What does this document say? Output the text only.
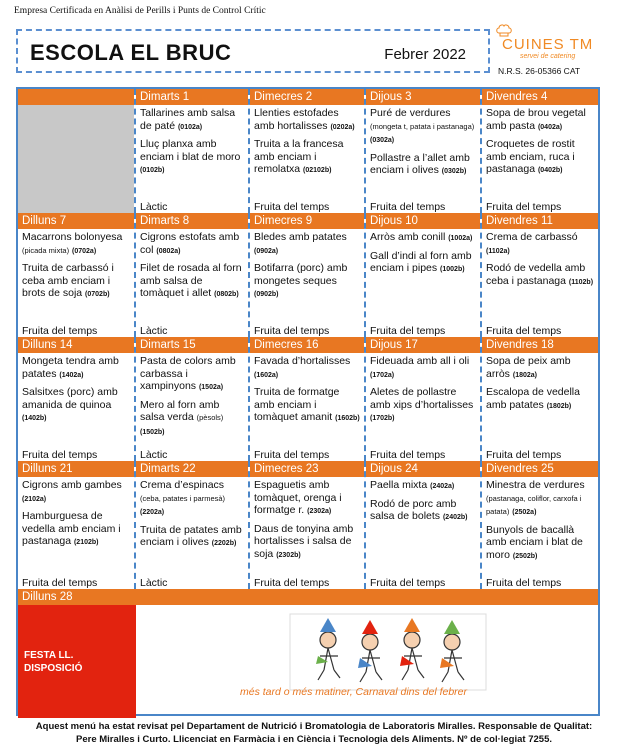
Empresa Certificada en Anàlisi de Perills i Punts de Control Crític
ESCOLA EL BRUC	Febrer 2022
CUINES TM
servei de catering
N.R.S. 26-05366 CAT
Dilluns 28
FESTA LL.
DISPOSICIÓ
més tard o més matiner, Carnaval dins del febrer
Dimarts 1
Tallarines amb salsa de paté (0102a)
Lluç planxa amb enciam i blat de moro (0102b)
Làctic
Dimecres 2
Llenties estofades amb hortalisses (0202a)
Truita a la francesa amb enciam i remolatxa (02102b)
Fruita del temps
Dijous 3
Puré de verdures (mongeta t, patata i pastanaga) (0302a)
Pollastre a l’allet amb enciam i olives (0302b)
Fruita del temps
Divendres 4
Sopa de brou vegetal amb pasta (0402a)
Croquetes de rostit amb enciam, ruca i pastanaga (0402b)
Fruita del temps
Dilluns 7
Macarrons bolonyesa (picada mixta) (0702a)
Truita de carbassó i ceba amb enciam i brots de soja (0702b)
Fruita del temps
Dimarts 8
Cigrons estofats amb col (0802a)
Filet de rosada al forn amb salsa de tomàquet i allet (0802b)
Làctic
Dimecres 9
Bledes amb patates (0902a)
Botifarra (porc) amb mongetes seques (0902b)
Fruita del temps
Dijous 10
Arròs amb conill (1002a)
Gall d’indi al forn amb enciam i pipes (1002b)
Fruita del temps
Divendres 11
Crema de carbassó (1102a)
Rodó de vedella amb ceba i pastanaga (1102b)
Fruita del temps
Dilluns 14
Mongeta tendra amb patates (1402a)
Salsitxes (porc) amb amanida de quinoa (1402b)
Fruita del temps
Dimarts 15
Pasta de colors amb carbassa i xampinyons (1502a)
Mero al forn amb salsa verda (pèsols) (1502b)
Làctic
Dimecres 16
Favada d’hortalisses (1602a)
Truita de formatge amb enciam i tomàquet amanit (1602b)
Fruita del temps
Dijous 17
Fideuada amb all i oli (1702a)
Aletes de pollastre amb xips d’hortalisses (1702b)
Fruita del temps
Divendres 18
Sopa de peix amb arròs (1802a)
Escalopa de vedella amb patates (1802b)
Fruita del temps
Dilluns 21
Cigrons amb gambes (2102a)
Hamburguesa de vedella amb enciam i pastanaga (2102b)
Fruita del temps
Dimarts 22
Crema d’espinacs (ceba, patates i parmesà) (2202a)
Truita de patates amb enciam i olives (2202b)
Làctic
Dimecres 23
Espaguetis amb tomàquet, orenga i formatge r. (2302a)
Daus de tonyina amb hortalisses i salsa de soja (2302b)
Fruita del temps
Dijous 24
Paella mixta (2402a)
Rodó de porc amb salsa de bolets (2402b)
Fruita del temps
Divendres 25
Minestra de verdures (pastanaga, coliflor, carxofa i patata) (2502a)
Bunyols de bacallà amb enciam i blat de moro (2502b)
Fruita del temps
Aquest menú ha estat revisat pel Departament de Nutrició i Bromatologia de Laboratoris Miralles. Responsable de Qualitat:
Pere Miralles i Curto. Llicenciat en Farmàcia i en Ciència i Tecnologia dels Aliments. Nº de col·legiat 7255.
